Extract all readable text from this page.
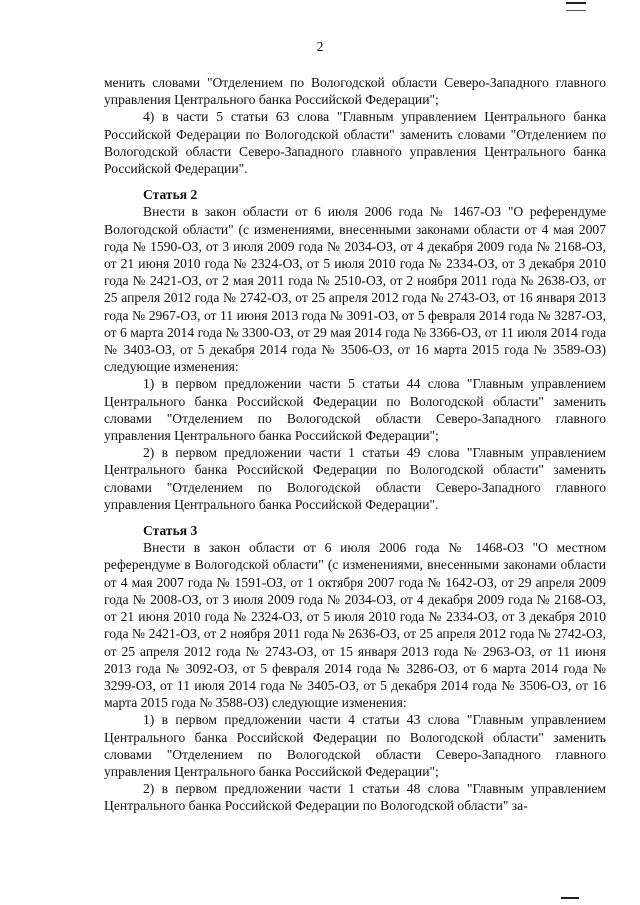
2

менить словами "Отделением по Вологодской области Северо-Западного главного управления Центрального банка Российской Федерации";

4) в части 5 статьи 63 слова "Главным управлением Центрального банка Российской Федерации по Вологодской области" заменить словами "Отделением по Вологодской области Северо-Западного главного управления Центрального банка Российской Федерации".

Статья 2

Внести в закон области от 6 июля 2006 года № 1467-ОЗ "О референдуме Вологодской области" (с изменениями, внесенными законами области от 4 мая 2007 года № 1590-ОЗ, от 3 июля 2009 года № 2034-ОЗ, от 4 декабря 2009 года № 2168-ОЗ, от 21 июня 2010 года № 2324-ОЗ, от 5 июля 2010 года № 2334-ОЗ, от 3 декабря 2010 года № 2421-ОЗ, от 2 мая 2011 года № 2510-ОЗ, от 2 ноября 2011 года № 2638-ОЗ, от 25 апреля 2012 года № 2742-ОЗ, от 25 апреля 2012 года № 2743-ОЗ, от 16 января 2013 года № 2967-ОЗ, от 11 июня 2013 года № 3091-ОЗ, от 5 февраля 2014 года № 3287-ОЗ, от 6 марта 2014 года № 3300-ОЗ, от 29 мая 2014 года № 3366-ОЗ, от 11 июля 2014 года № 3403-ОЗ, от 5 декабря 2014 года № 3506-ОЗ, от 16 марта 2015 года № 3589-ОЗ) следующие изменения:

1) в первом предложении части 5 статьи 44 слова "Главным управлением Центрального банка Российской Федерации по Вологодской области" заменить словами "Отделением по Вологодской области Северо-Западного главного управления Центрального банка Российской Федерации";

2) в первом предложении части 1 статьи 49 слова "Главным управлением Центрального банка Российской Федерации по Вологодской области" заменить словами "Отделением по Вологодской области Северо-Западного главного управления Центрального банка Российской Федерации".

Статья 3

Внести в закон области от 6 июля 2006 года № 1468-ОЗ "О местном референдуме в Вологодской области" (с изменениями, внесенными законами области от 4 мая 2007 года № 1591-ОЗ, от 1 октября 2007 года № 1642-ОЗ, от 29 апреля 2009 года № 2008-ОЗ, от 3 июля 2009 года № 2034-ОЗ, от 4 декабря 2009 года № 2168-ОЗ, от 21 июня 2010 года № 2324-ОЗ, от 5 июля 2010 года № 2334-ОЗ, от 3 декабря 2010 года № 2421-ОЗ, от 2 ноября 2011 года № 2636-ОЗ, от 25 апреля 2012 года № 2742-ОЗ, от 25 апреля 2012 года № 2743-ОЗ, от 15 января 2013 года № 2963-ОЗ, от 11 июня 2013 года № 3092-ОЗ, от 5 февраля 2014 года № 3286-ОЗ, от 6 марта 2014 года № 3299-ОЗ, от 11 июля 2014 года № 3405-ОЗ, от 5 декабря 2014 года № 3506-ОЗ, от 16 марта 2015 года № 3588-ОЗ) следующие изменения:

1) в первом предложении части 4 статьи 43 слова "Главным управлением Центрального банка Российской Федерации по Вологодской области" заменить словами "Отделением по Вологодской области Северо-Западного главного управления Центрального банка Российской Федерации";

2) в первом предложении части 1 статьи 48 слова "Главным управлением Центрального банка Российской Федерации по Вологодской области" за-
